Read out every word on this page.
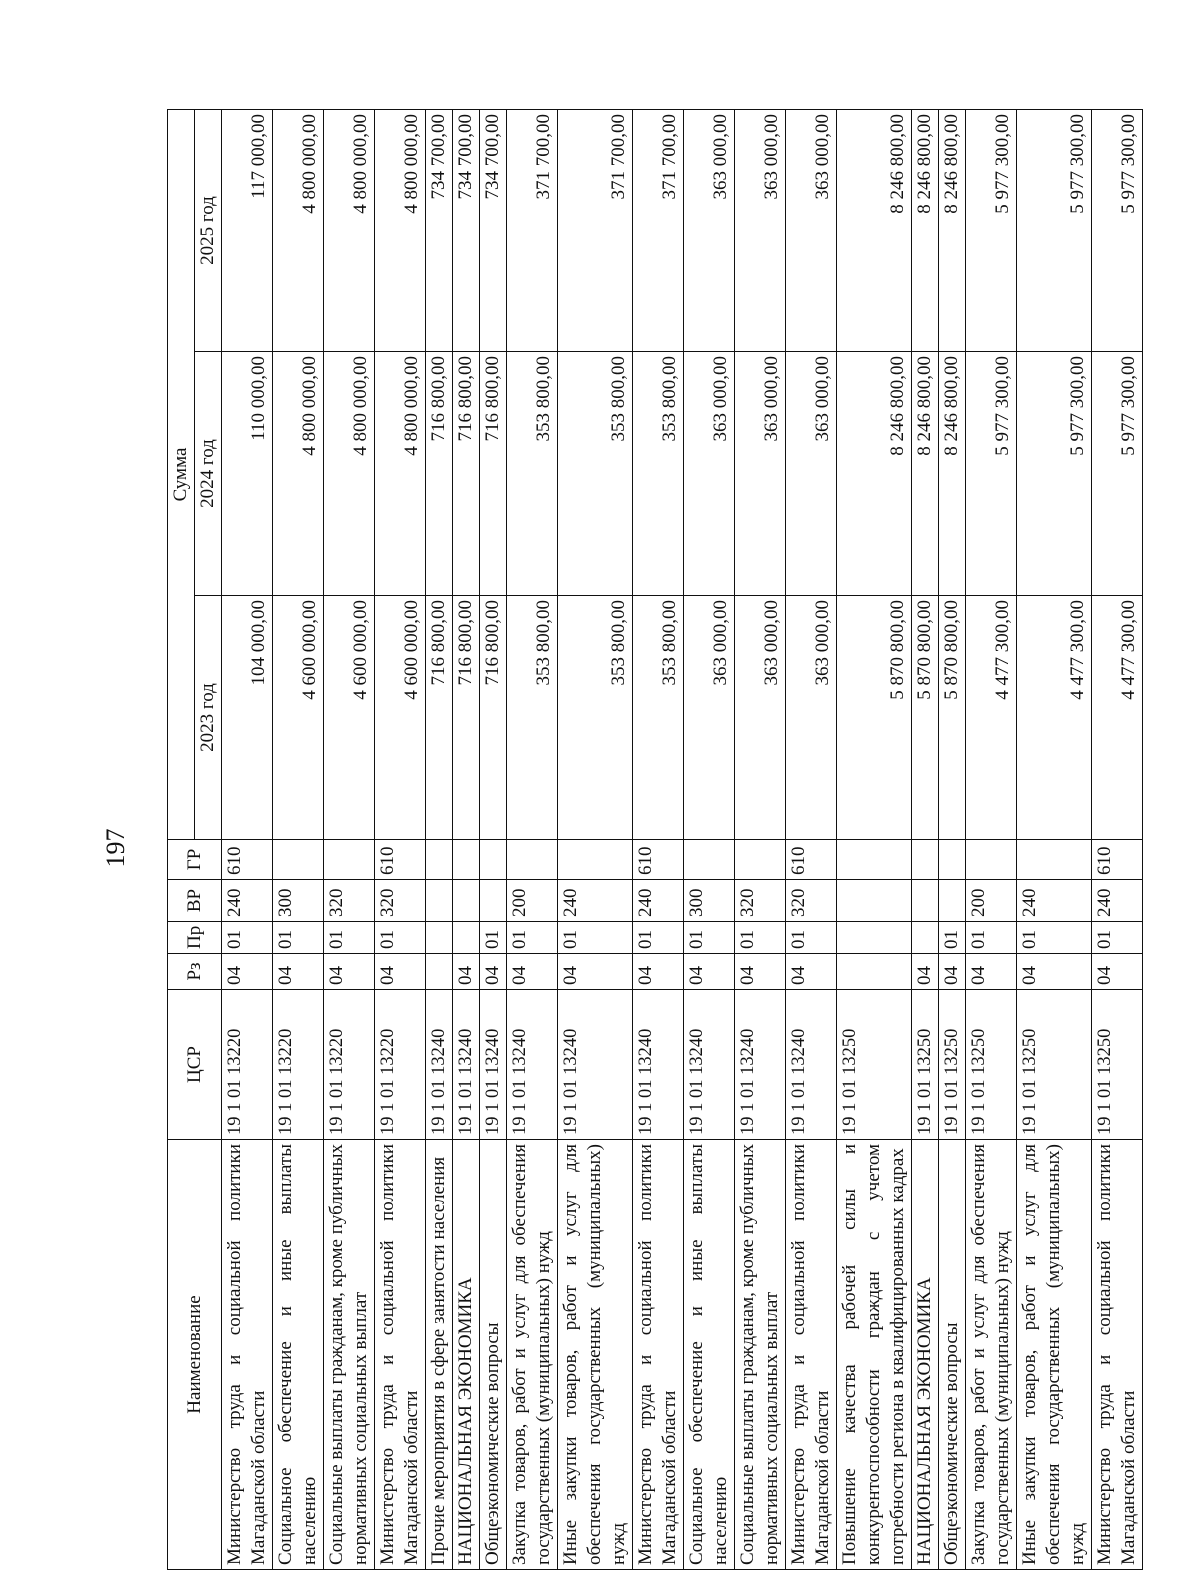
197
Наименование	ЦСР	Рз	Пр	ВР	ГР	Сумма		
						2023 год	2024 год	2025 год
Министерство труда и социальной политики Магаданской области	19 1 01 13220	04	01	240	610	104 000,00	110 000,00	117 000,00
Социальное обеспечение и иные выплаты населению	19 1 01 13220	04	01	300		4 600 000,00	4 800 000,00	4 800 000,00
Социальные выплаты гражданам, кроме публичных нормативных социальных выплат	19 1 01 13220	04	01	320		4 600 000,00	4 800 000,00	4 800 000,00
Министерство труда и социальной политики Магаданской области	19 1 01 13220	04	01	320	610	4 600 000,00	4 800 000,00	4 800 000,00
Прочие мероприятия в сфере занятости населения	19 1 01 13240					716 800,00	716 800,00	734 700,00
НАЦИОНАЛЬНАЯ ЭКОНОМИКА	19 1 01 13240	04				716 800,00	716 800,00	734 700,00
Общеэкономические вопросы	19 1 01 13240	04	01			716 800,00	716 800,00	734 700,00
Закупка товаров, работ и услуг для обеспечения государственных (муниципальных) нужд	19 1 01 13240	04	01	200		353 800,00	353 800,00	371 700,00
Иные закупки товаров, работ и услуг для обеспечения государственных (муниципальных) нужд	19 1 01 13240	04	01	240		353 800,00	353 800,00	371 700,00
Министерство труда и социальной политики Магаданской области	19 1 01 13240	04	01	240	610	353 800,00	353 800,00	371 700,00
Социальное обеспечение и иные выплаты населению	19 1 01 13240	04	01	300		363 000,00	363 000,00	363 000,00
Социальные выплаты гражданам, кроме публичных нормативных социальных выплат	19 1 01 13240	04	01	320		363 000,00	363 000,00	363 000,00
Министерство труда и социальной политики Магаданской области	19 1 01 13240	04	01	320	610	363 000,00	363 000,00	363 000,00
Повышение качества рабочей силы и конкурентоспособности граждан с учетом потребности региона в квалифицированных кадрах	19 1 01 13250					5 870 800,00	8 246 800,00	8 246 800,00
НАЦИОНАЛЬНАЯ ЭКОНОМИКА	19 1 01 13250	04				5 870 800,00	8 246 800,00	8 246 800,00
Общеэкономические вопросы	19 1 01 13250	04	01			5 870 800,00	8 246 800,00	8 246 800,00
Закупка товаров, работ и услуг для обеспечения государственных (муниципальных) нужд	19 1 01 13250	04	01	200		4 477 300,00	5 977 300,00	5 977 300,00
Иные закупки товаров, работ и услуг для обеспечения государственных (муниципальных) нужд	19 1 01 13250	04	01	240		4 477 300,00	5 977 300,00	5 977 300,00
Министерство труда и социальной политики Магаданской области	19 1 01 13250	04	01	240	610	4 477 300,00	5 977 300,00	5 977 300,00
